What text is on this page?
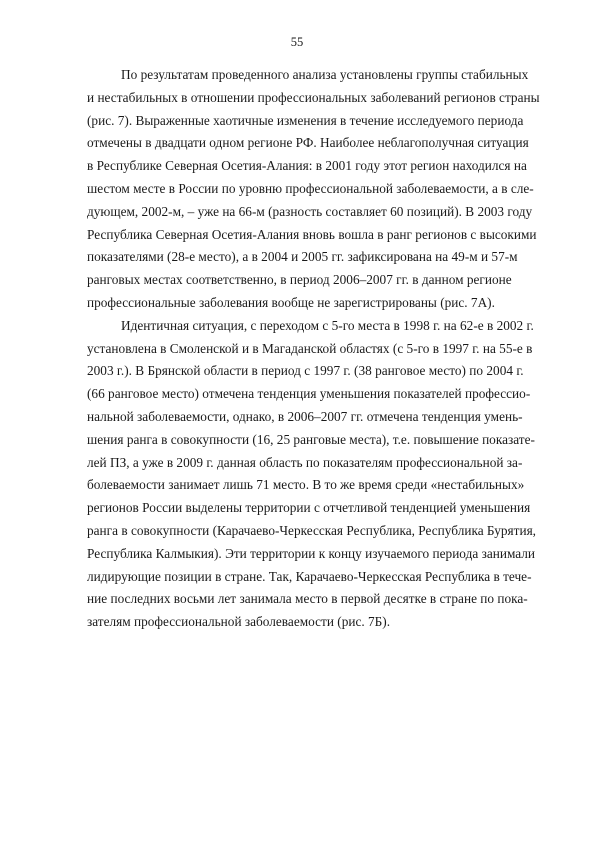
55

По результатам проведенного анализа установлены группы стабильных
и нестабильных в отношении профессиональных заболеваний регионов страны
(рис. 7). Выраженные хаотичные изменения в течение исследуемого периода
отмечены в двадцати одном регионе РФ. Наиболее неблагополучная ситуация
в Республике Северная Осетия-Алания: в 2001 году этот регион находился на
шестом месте в России по уровню профессиональной заболеваемости, а в сле-
дующем, 2002-м, – уже на 66-м (разность составляет 60 позиций). В 2003 году
Республика Северная Осетия-Алания вновь вошла в ранг регионов с высокими
показателями (28-е место), а в 2004 и 2005 гг. зафиксирована на 49-м и 57-м
ранговых местах соответственно, в период 2006–2007 гг. в данном регионе
профессиональные заболевания вообще не зарегистрированы (рис. 7А).

Идентичная ситуация, с переходом с 5-го места в 1998 г. на 62-е в 2002 г.
установлена в Смоленской и в Магаданской областях (с 5-го в 1997 г. на 55-е в
2003 г.). В Брянской области в период с 1997 г. (38 ранговое место) по 2004 г.
(66 ранговое место) отмечена тенденция уменьшения показателей профессио-
нальной заболеваемости, однако, в 2006–2007 гг. отмечена тенденция умень-
шения ранга в совокупности (16, 25 ранговые места), т.е. повышение показате-
лей ПЗ, а уже в 2009 г. данная область по показателям профессиональной за-
болеваемости занимает лишь 71 место. В то же время среди «нестабильных»
регионов России выделены территории с отчетливой тенденцией уменьшения
ранга в совокупности (Карачаево-Черкесская Республика, Республика Бурятия,
Республика Калмыкия). Эти территории к концу изучаемого периода занимали
лидирующие позиции в стране. Так, Карачаево-Черкесская Республика в тече-
ние последних восьми лет занимала место в первой десятке в стране по пока-
зателям профессиональной заболеваемости (рис. 7Б).
